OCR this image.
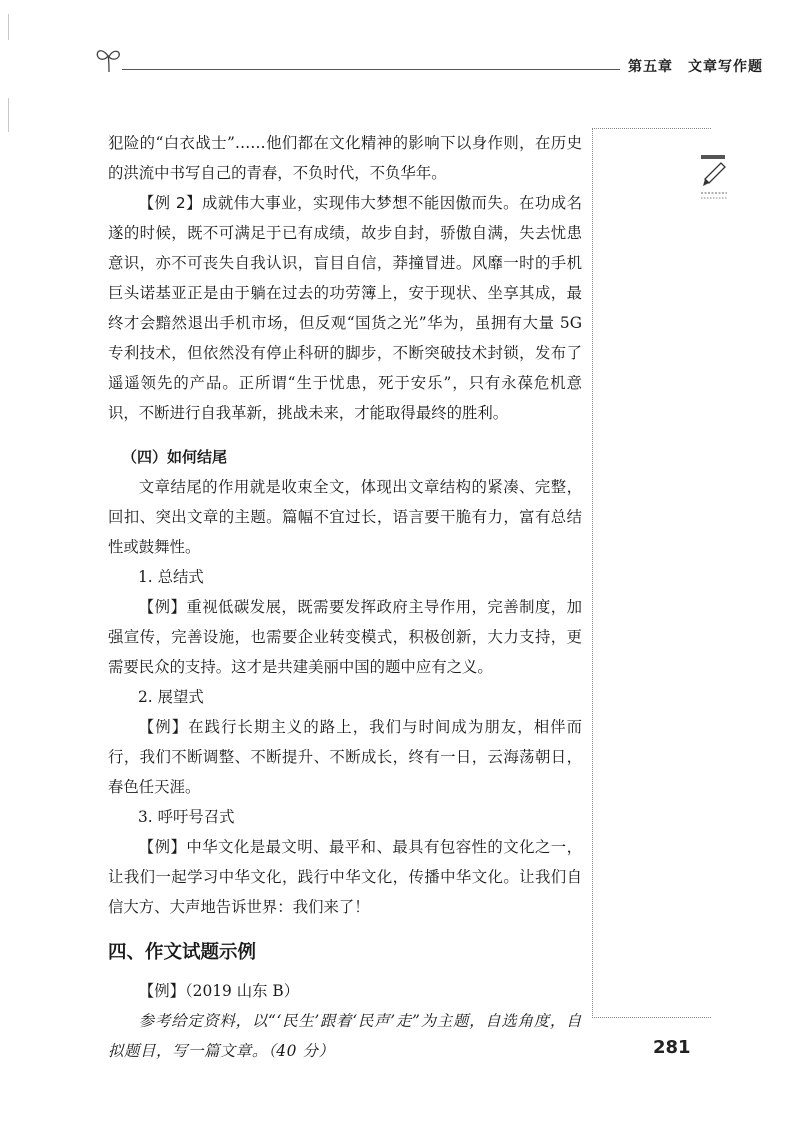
第五章　文章写作题

犯险的“白衣战士”……他们都在文化精神的影响下以身作则，在历史的洪流中书写自己的青春，不负时代，不负华年。

【例 2】成就伟大事业，实现伟大梦想不能因傲而失。在功成名遂的时候，既不可满足于已有成绩，故步自封，骄傲自满，失去忧患意识，亦不可丧失自我认识，盲目自信，莽撞冒进。风靡一时的手机巨头诺基亚正是由于躺在过去的功劳簿上，安于现状、坐享其成，最终才会黯然退出手机市场，但反观“国货之光”华为，虽拥有大量 5G 专利技术，但依然没有停止科研的脚步，不断突破技术封锁，发布了遥遥领先的产品。正所谓“生于忧患，死于安乐”，只有永葆危机意识，不断进行自我革新，挑战未来，才能取得最终的胜利。

（四）如何结尾

文章结尾的作用就是收束全文，体现出文章结构的紧凑、完整，回扣、突出文章的主题。篇幅不宜过长，语言要干脆有力，富有总结性或鼓舞性。

1. 总结式

【例】重视低碳发展，既需要发挥政府主导作用，完善制度，加强宣传，完善设施，也需要企业转变模式，积极创新，大力支持，更需要民众的支持。这才是共建美丽中国的题中应有之义。

2. 展望式

【例】在践行长期主义的路上，我们与时间成为朋友，相伴而行，我们不断调整、不断提升、不断成长，终有一日，云海荡朝日，春色任天涯。

3. 呼吁号召式

【例】中华文化是最文明、最平和、最具有包容性的文化之一，让我们一起学习中华文化，践行中华文化，传播中华文化。让我们自信大方、大声地告诉世界：我们来了！

四、作文试题示例

【例】（2019 山东 B）

参考给定资料，以“‘民生’跟着‘民声’走”为主题，自选角度，自拟题目，写一篇文章。（40 分）	281
